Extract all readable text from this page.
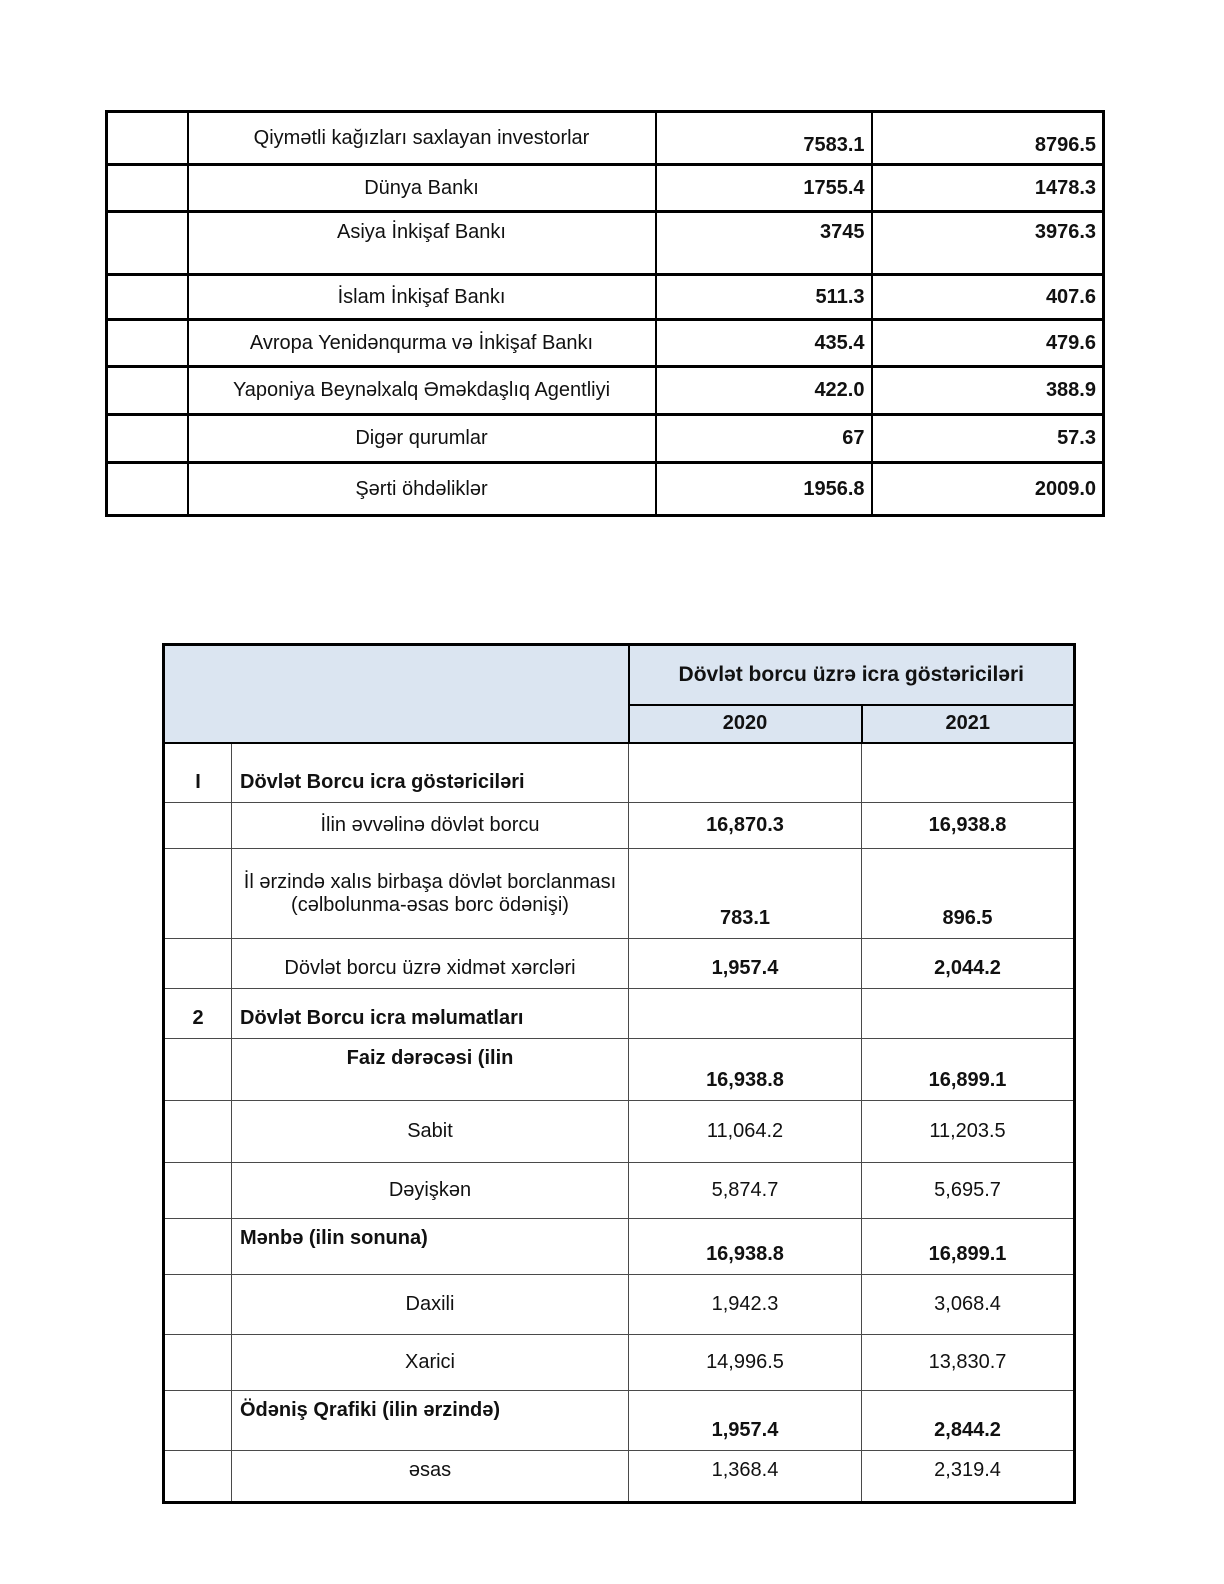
	Qiymətli kağızları saxlayan investorlar	7583.1	8796.5
	Dünya Bankı	1755.4	1478.3
	Asiya İnkişaf Bankı	3745	3976.3
	İslam İnkişaf Bankı	511.3	407.6
	Avropa Yenidənqurma və İnkişaf Bankı	435.4	479.6
	Yaponiya Beynəlxalq Əməkdaşlıq Agentliyi	422.0	388.9
	Digər qurumlar	67	57.3
	Şərti öhdəliklər	1956.8	2009.0
		Dövlət borcu üzrə icra göstəriciləri	
		2020	2021
I	Dövlət Borcu icra göstəriciləri		
	İlin əvvəlinə dövlət borcu	16,870.3	16,938.8
	İl ərzində xalıs birbaşa dövlət borclanması (cəlbolunma-əsas borc ödənişi)	783.1	896.5
	Dövlət borcu üzrə xidmət xərcləri	1,957.4	2,044.2
2	Dövlət Borcu icra məlumatları		
	Faiz dərəcəsi (ilin	16,938.8	16,899.1
	Sabit	11,064.2	11,203.5
	Dəyişkən	5,874.7	5,695.7
	Mənbə (ilin sonuna)	16,938.8	16,899.1
	Daxili	1,942.3	3,068.4
	Xarici	14,996.5	13,830.7
	Ödəniş Qrafiki (ilin ərzində)	1,957.4	2,844.2
	əsas	1,368.4	2,319.4
